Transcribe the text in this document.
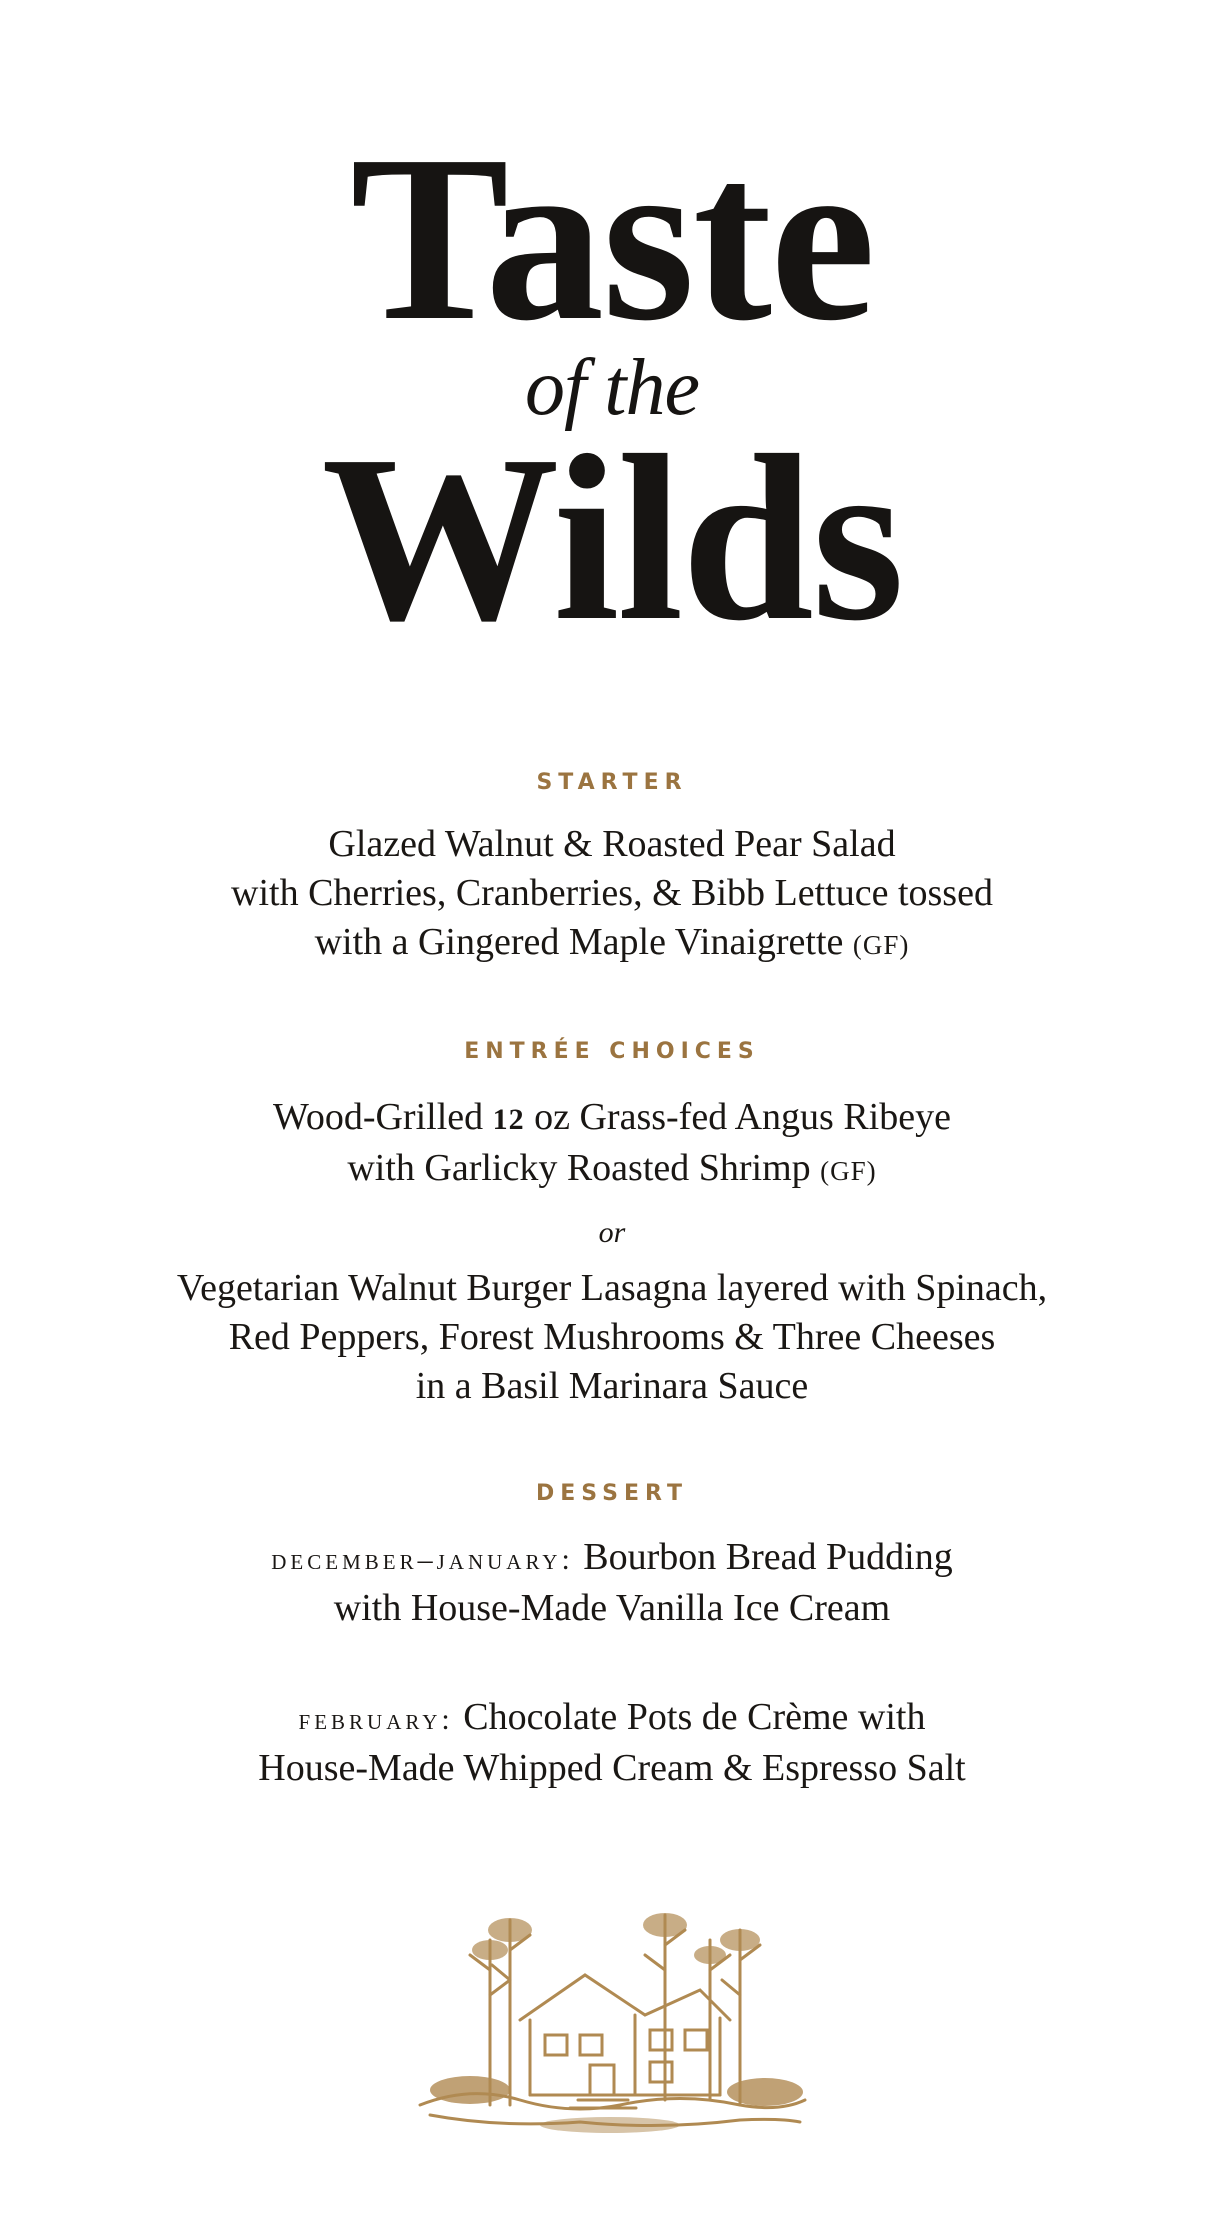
Taste
of the
Wilds

STARTER

Glazed Walnut & Roasted Pear Salad
with Cherries, Cranberries, & Bibb Lettuce tossed
with a Gingered Maple Vinaigrette (GF)

ENTRÉE CHOICES

Wood-Grilled 12 oz Grass-fed Angus Ribeye
with Garlicky Roasted Shrimp (GF)

or

Vegetarian Walnut Burger Lasagna layered with Spinach,
Red Peppers, Forest Mushrooms & Three Cheeses
in a Basil Marinara Sauce

DESSERT

december–january: Bourbon Bread Pudding
with House-Made Vanilla Ice Cream

february: Chocolate Pots de Crème with
House-Made Whipped Cream & Espresso Salt
